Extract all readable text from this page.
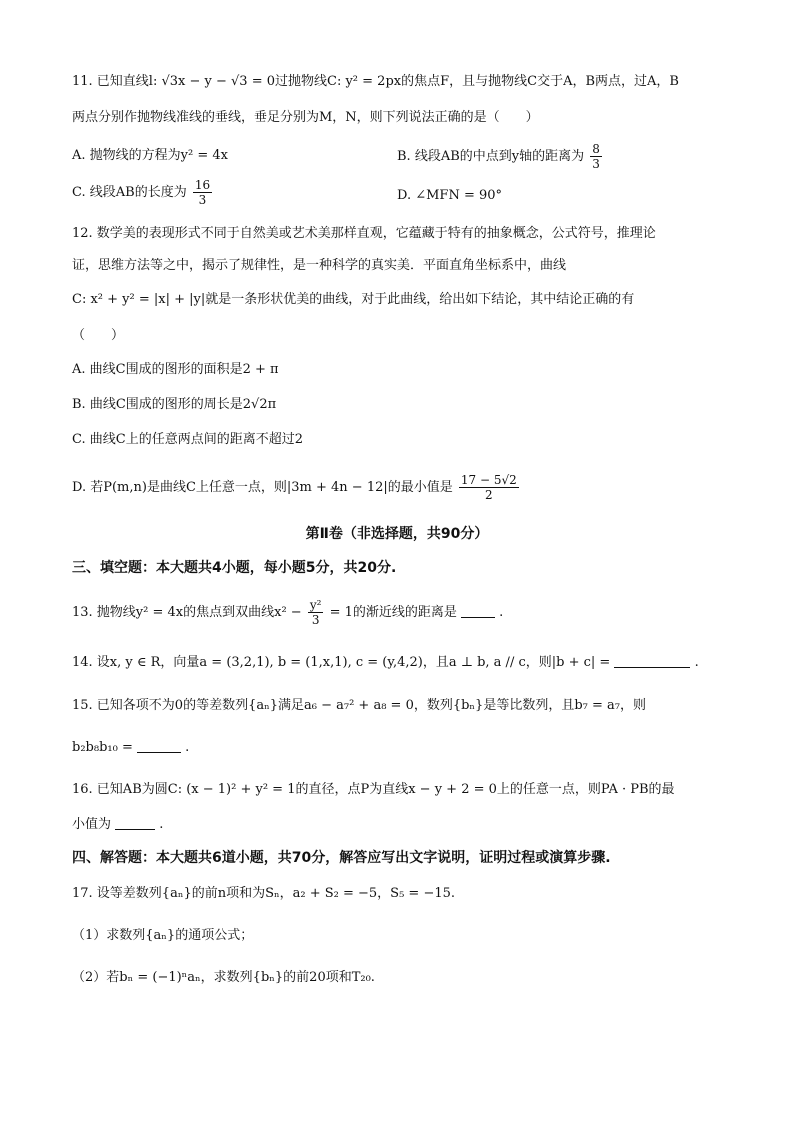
11. 已知直线l: √3x − y − √3 = 0过抛物线C: y² = 2px的焦点F，且与抛物线C交于A，B两点，过A，B
两点分别作抛物线准线的垂线，垂足分别为M，N，则下列说法正确的是（　　）
A. 抛物线的方程为y² = 4x	B. 线段AB的中点到y轴的距离为 $\frac{8}{3}$
C. 线段AB的长度为 $\frac{16}{3}$	D. ∠MFN = 90°
12. 数学美的表现形式不同于自然美或艺术美那样直观，它蕴藏于特有的抽象概念，公式符号，推理论
证，思维方法等之中，揭示了规律性，是一种科学的真实美．平面直角坐标系中，曲线
C: x² + y² = |x| + |y|就是一条形状优美的曲线，对于此曲线，给出如下结论，其中结论正确的有
（　　）
A. 曲线C围成的图形的面积是2 + π
B. 曲线C围成的图形的周长是2√2π
C. 曲线C上的任意两点间的距离不超过2
D. 若P(m,n)是曲线C上任意一点，则|3m + 4n − 12|的最小值是 $\frac{17 - 5√2}{2}$
第Ⅱ卷（非选择题，共90分）
三、填空题：本大题共4小题，每小题5分，共20分.
13. 抛物线y² = 4x的焦点到双曲线$x^2 - \frac{\text{y²}}{3} = 1$的渐近线的距离是	.
14. 设x, y ∈ R，向量a = (3,2,1), b = (1,x,1), c = (y,4,2)，且a ⊥ b, a // c，则|b + c| =	.
15. 已知各项不为0的等差数列{aₙ}满足a₆ − a₇² + a₈ = 0，数列{bₙ}是等比数列，且b₇ = a₇，则
b₂b₈b₁₀ =	.
16. 已知AB为圆C: (x − 1)² + y² = 1的直径，点P为直线x − y + 2 = 0上的任意一点，则PA · PB的最
小值为	.
四、解答题：本大题共6道小题，共70分，解答应写出文字说明，证明过程或演算步骤.
17. 设等差数列{aₙ}的前n项和为Sₙ，a₂ + S₂ = −5，S₅ = −15.
（1）求数列{aₙ}的通项公式；
（2）若bₙ = (−1)ⁿaₙ，求数列{bₙ}的前20项和T₂₀.
